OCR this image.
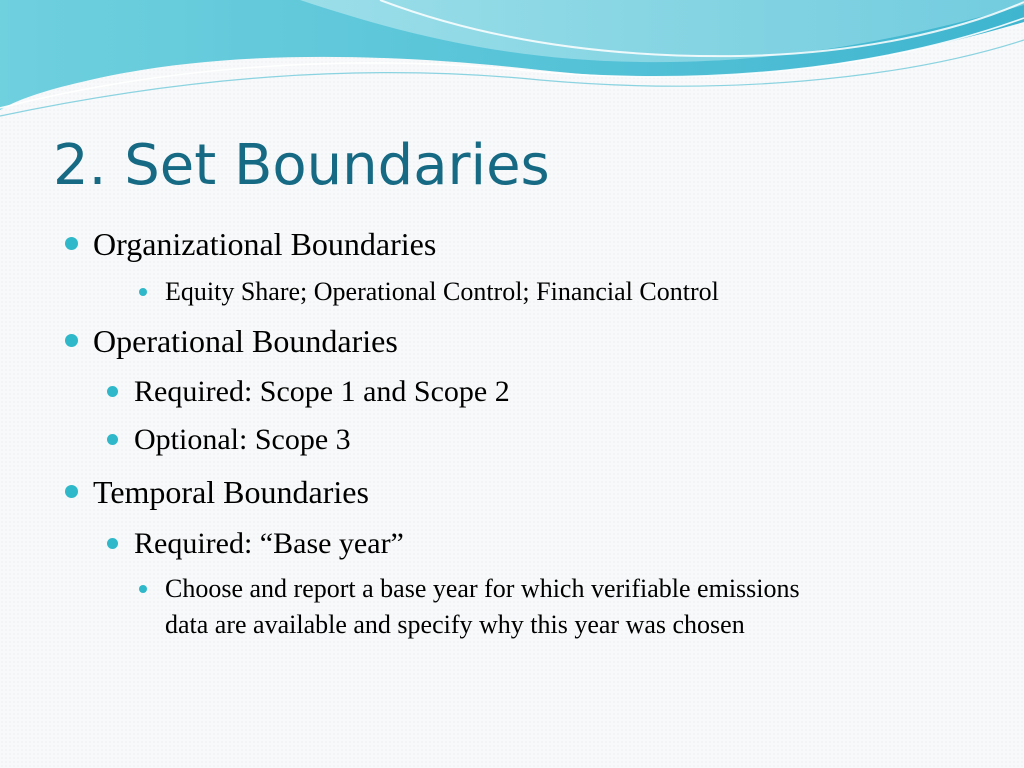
2. Set Boundaries
Organizational Boundaries
Equity Share; Operational Control; Financial Control
Operational Boundaries
Required: Scope 1 and Scope 2
Optional: Scope 3
Temporal Boundaries
Required: “Base year”
Choose and report a base year for which verifiable emissions
data are available and specify why this year was chosen
